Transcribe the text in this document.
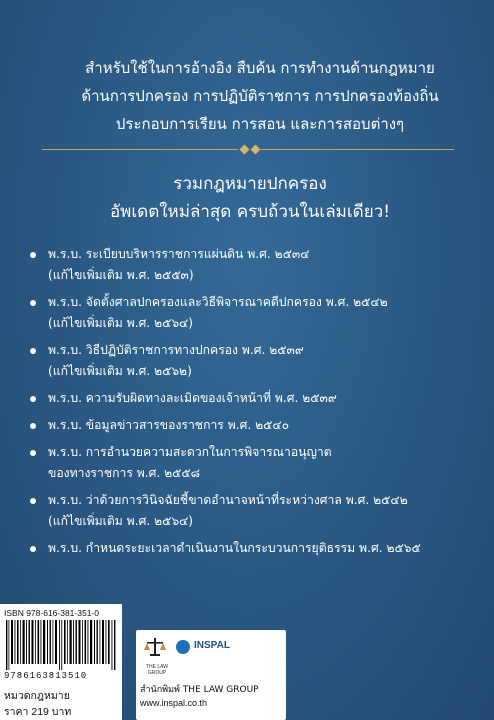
สำหรับใช้ในการอ้างอิง สืบค้น การทำงานด้านกฎหมาย
ด้านการปกครอง การปฏิบัติราชการ การปกครองท้องถิ่น
ประกอบการเรียน การสอน และการสอบต่างๆ
รวมกฎหมายปกครอง
อัพเดตใหม่ล่าสุด ครบถ้วนในเล่มเดียว!
พ.ร.บ. ระเบียบบริหารราชการแผ่นดิน พ.ศ. ๒๕๓๔
(แก้ไขเพิ่มเติม พ.ศ. ๒๕๕๓)
พ.ร.บ. จัดตั้งศาลปกครองและวิธีพิจารณาคดีปกครอง พ.ศ. ๒๕๔๒
(แก้ไขเพิ่มเติม พ.ศ. ๒๕๖๔)
พ.ร.บ. วิธีปฏิบัติราชการทางปกครอง พ.ศ. ๒๕๓๙
(แก้ไขเพิ่มเติม พ.ศ. ๒๕๖๒)
พ.ร.บ. ความรับผิดทางละเมิดของเจ้าหน้าที่ พ.ศ. ๒๕๓๙
พ.ร.บ. ข้อมูลข่าวสารของราชการ พ.ศ. ๒๕๔๐
พ.ร.บ. การอำนวยความสะดวกในการพิจารณาอนุญาต
ของทางราชการ พ.ศ. ๒๕๕๘
พ.ร.บ. ว่าด้วยการวินิจฉัยชี้ขาดอำนาจหน้าที่ระหว่างศาล พ.ศ. ๒๕๔๒
(แก้ไขเพิ่มเติม พ.ศ. ๒๕๖๔)
พ.ร.บ. กำหนดระยะเวลาดำเนินงานในกระบวนการยุติธรรม พ.ศ. ๒๕๖๕
ISBN 978-616-381-351-0
9786163813510
หมวดกฎหมาย
ราคา 219 บาท
THE LAW GROUP
INSPAL
สำนักพิมพ์ THE LAW GROUP
www.inspal.co.th
